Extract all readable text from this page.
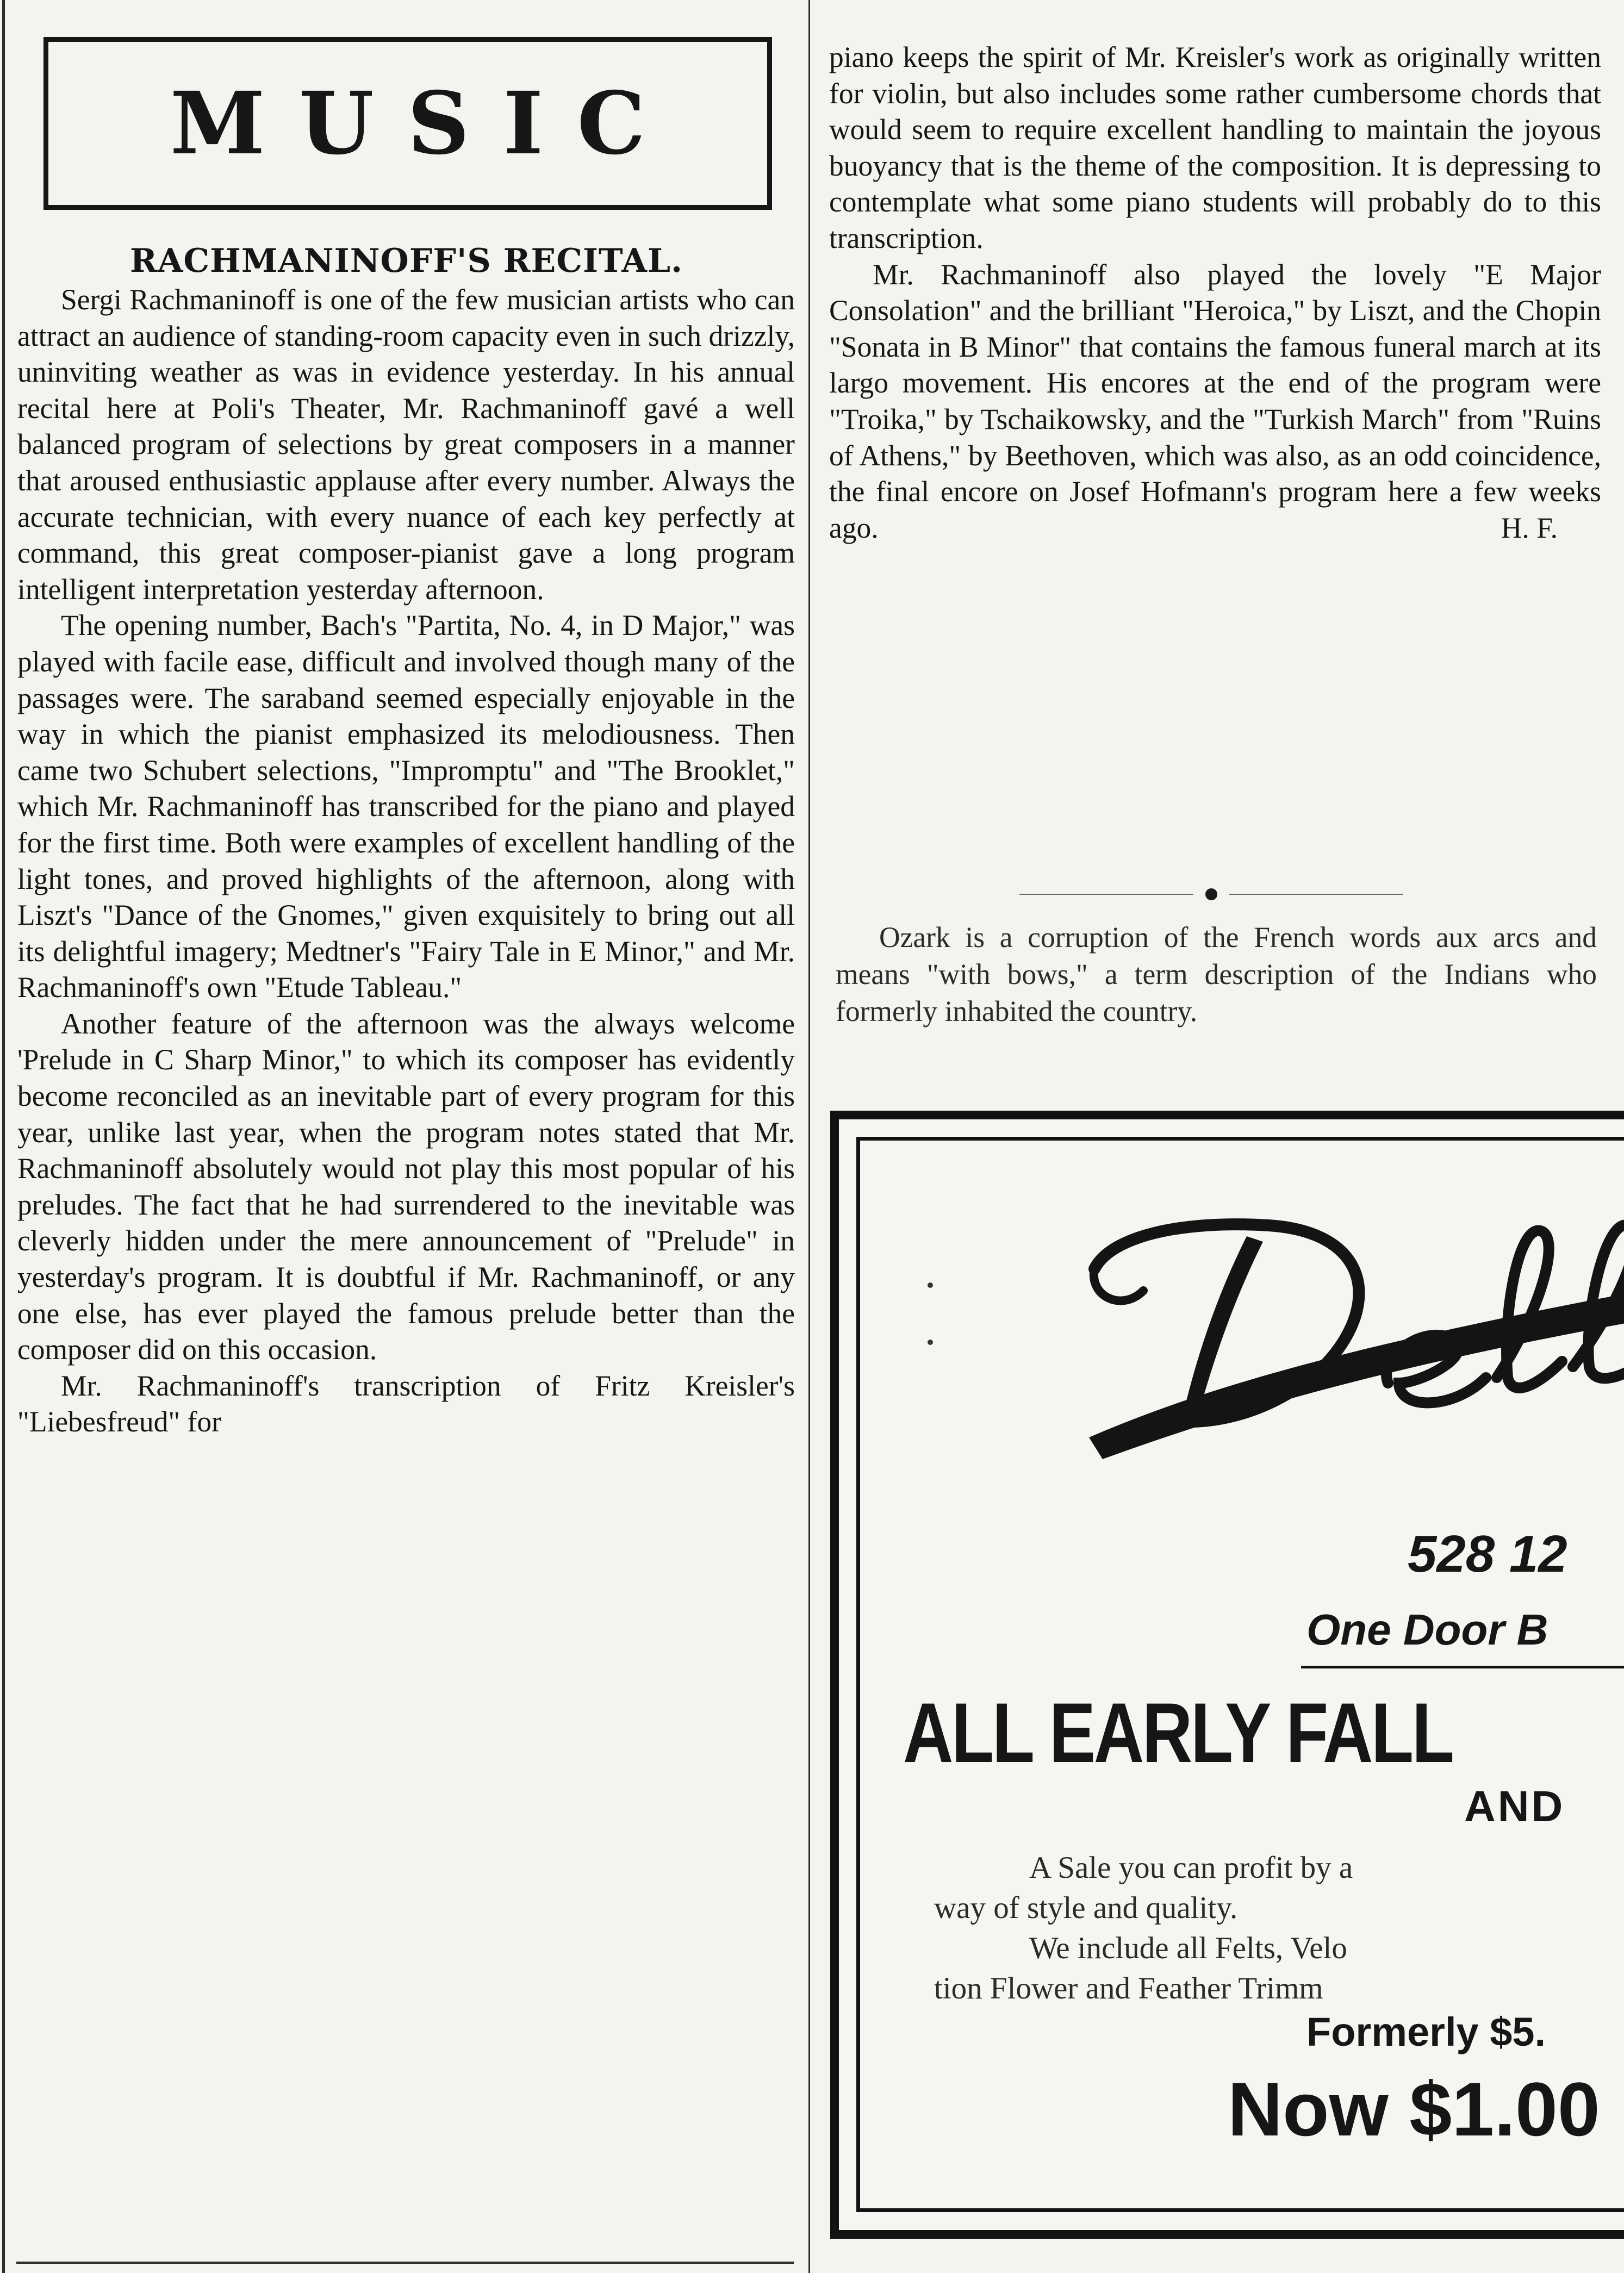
MUSIC
RACHMANINOFF'S RECITAL.

Sergi Rachmaninoff is one of the few musician artists who can attract an audience of standing-room capacity even in such drizzly, uninviting weather as was in evidence yesterday. In his annual recital here at Poli's Theater, Mr. Rachmaninoff gavé a well balanced program of selections by great composers in a manner that aroused enthusiastic applause after every number. Always the accurate technician, with every nuance of each key perfectly at command, this great composer-pianist gave a long program intelligent interpretation yesterday afternoon.

The opening number, Bach's "Partita, No. 4, in D Major," was played with facile ease, difficult and involved though many of the passages were. The saraband seemed especially enjoyable in the way in which the pianist emphasized its melodiousness. Then came two Schubert selections, "Impromptu" and "The Brooklet," which Mr. Rachmaninoff has transcribed for the piano and played for the first time. Both were examples of excellent handling of the light tones, and proved highlights of the afternoon, along with Liszt's "Dance of the Gnomes," given exquisitely to bring out all its delightful imagery; Medtner's "Fairy Tale in E Minor," and Mr. Rachmaninoff's own "Etude Tableau."

Another feature of the afternoon was the always welcome 'Prelude in C Sharp Minor," to which its composer has evidently become reconciled as an inevitable part of every program for this year, unlike last year, when the program notes stated that Mr. Rachmaninoff absolutely would not play this most popular of his preludes. The fact that he had surrendered to the inevitable was cleverly hidden under the mere announcement of "Prelude" in yesterday's program. It is doubtful if Mr. Rachmaninoff, or any one else, has ever played the famous prelude better than the composer did on this occasion.

Mr. Rachmaninoff's transcription of Fritz Kreisler's "Liebesfreud" for

piano keeps the spirit of Mr. Kreisler's work as originally written for violin, but also includes some rather cumbersome chords that would seem to require excellent handling to maintain the joyous buoyancy that is the theme of the composition. It is depressing to contemplate what some piano students will probably do to this transcription.

Mr. Rachmaninoff also played the lovely "E Major Consolation" and the brilliant "Heroica," by Liszt, and the Chopin "Sonata in B Minor" that contains the famous funeral march at its largo movement. His encores at the end of the program were "Troika," by Tschaikowsky, and the "Turkish March" from "Ruins of Athens," by Beethoven, which was also, as an odd coincidence, the final encore on Josef Hofmann's program here a few weeks ago.	H. F.

Ozark is a corruption of the French words aux arcs and means "with bows," a term description of the Indians who formerly inhabited the country.

Dell
528 12
One Door B
ALL EARLY FALL
AND
A Sale you can profit by a
way of style and quality.
We include all Felts, Velo
tion Flower and Feather Trimm
Formerly $5.
Now $1.00
